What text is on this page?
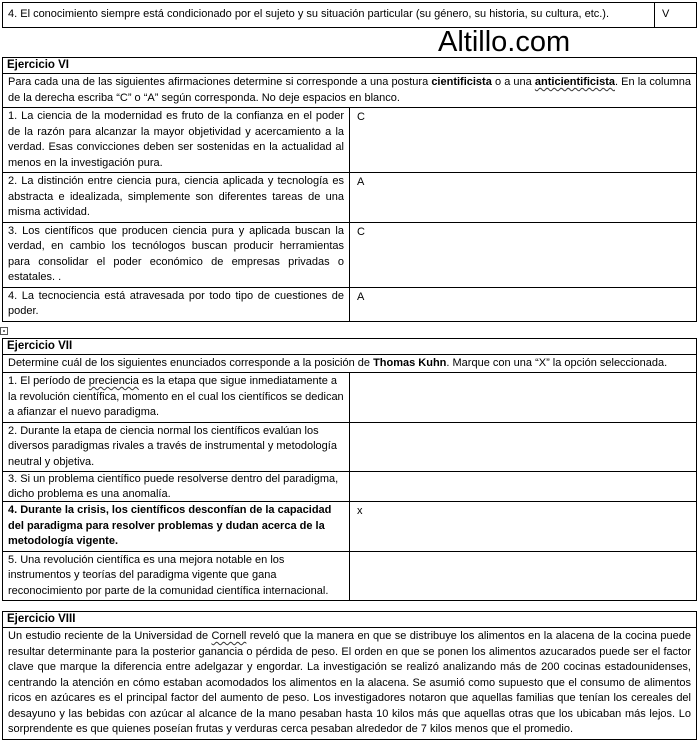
4. El conocimiento siempre está condicionado por el sujeto y su situación particular (su género, su historia, su cultura, etc.).	V
Altillo.com
Ejercicio VI	
Para cada una de las siguientes afirmaciones determine si corresponde a una postura cientificista o a una anticientificista. En la columna de la derecha escriba “C” o “A” según corresponda. No deje espacios en blanco.	
1. La ciencia de la modernidad es fruto de la confianza en el poder de la razón para alcanzar la mayor objetividad y acercamiento a la verdad. Esas convicciones deben ser sostenidas en la actualidad al menos en la investigación pura.	C
2. La distinción entre ciencia pura, ciencia aplicada y tecnología es abstracta e idealizada, simplemente son diferentes tareas de una misma actividad.	A
3. Los científicos que producen ciencia pura y aplicada buscan la verdad, en cambio los tecnólogos buscan producir herramientas para consolidar el poder económico de empresas privadas o estatales. .	C
4. La tecnociencia está atravesada por todo tipo de cuestiones de poder.	A
Ejercicio VII	
Determine cuál de los siguientes enunciados corresponde a la posición de Thomas Kuhn. Marque con una “X” la opción seleccionada.	
1. El período de preciencia es la etapa que sigue inmediatamente a la revolución científica, momento en el cual los científicos se dedican a afianzar el nuevo paradigma.	
2. Durante la etapa de ciencia normal los científicos evalúan los diversos paradigmas rivales a través de instrumental y metodología neutral y objetiva.	
3. Si un problema científico puede resolverse dentro del paradigma, dicho problema es una anomalía.	
4. Durante la crisis, los científicos desconfían de la capacidad del paradigma para resolver problemas y dudan acerca de la metodología vigente.	x
5. Una revolución científica es una mejora notable en los instrumentos y teorías del paradigma vigente que gana reconocimiento por parte de la comunidad científica internacional.	
Ejercicio VIII
Un estudio reciente de la Universidad de Cornell reveló que la manera en que se distribuye los alimentos en la alacena de la cocina puede resultar determinante para la posterior ganancia o pérdida de peso. El orden en que se ponen los alimentos azucarados puede ser el factor clave que marque la diferencia entre adelgazar y engordar. La investigación se realizó analizando más de 200 cocinas estadounidenses, centrando la atención en cómo estaban acomodados los alimentos en la alacena. Se asumió como supuesto que el consumo de alimentos ricos en azúcares es el principal factor del aumento de peso. Los investigadores notaron que aquellas familias que tenían los cereales del desayuno y las bebidas con azúcar al alcance de la mano pesaban hasta 10 kilos más que aquellas otras que los ubicaban más lejos. Lo sorprendente es que quienes poseían frutas y verduras cerca pesaban alrededor de 7 kilos menos que el promedio.
